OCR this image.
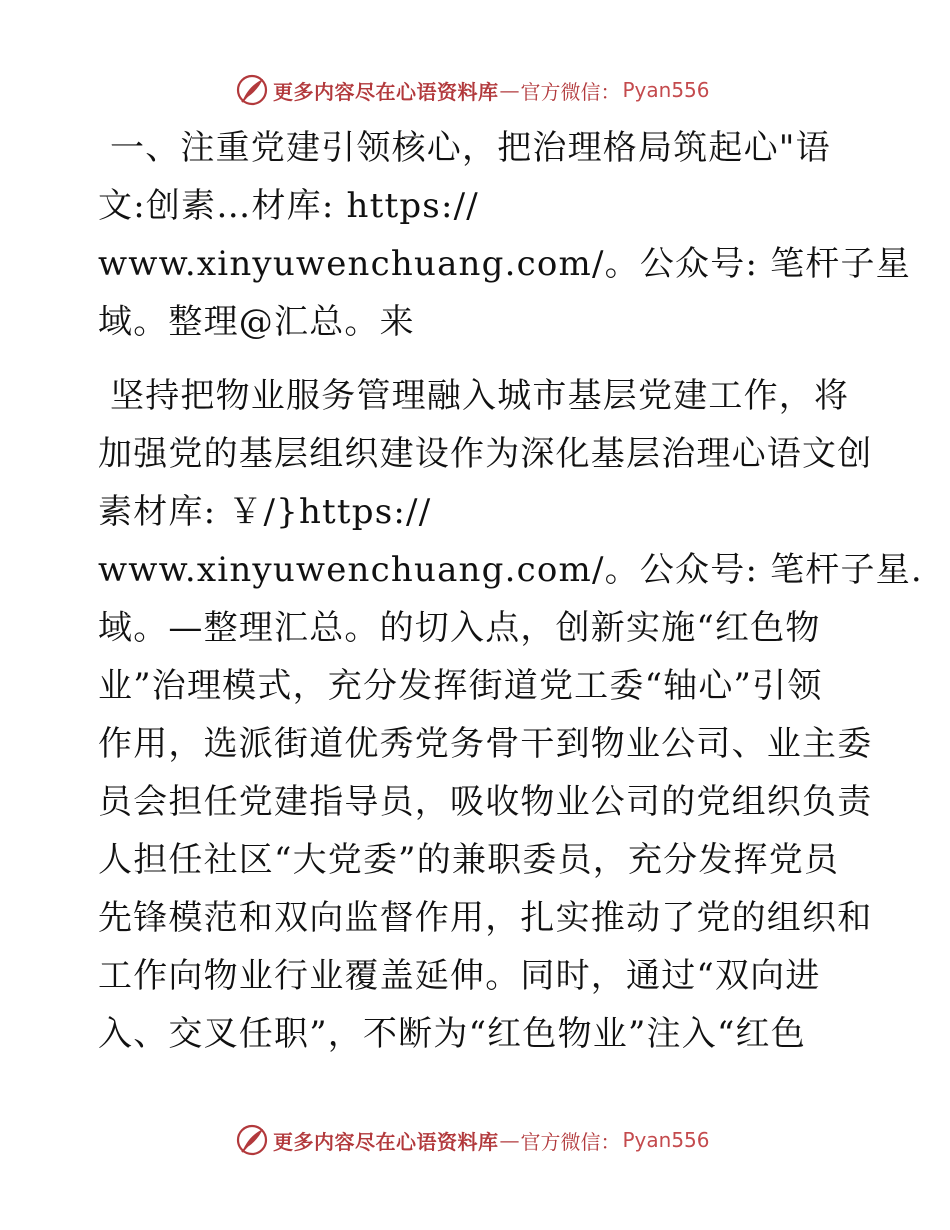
更多内容尽在心语资料库 — 官方微信： Pyan556
一、注重党建引领核心，把治理格局筑起心"语
文:创素…材库: https://
www.xinyuwenchuang.com/。公众号: 笔杆子星
域。整理@汇总。来
坚持把物业服务管理融入城市基层党建工作，将
加强党的基层组织建设作为深化基层治理心语文创
素材库: ￥/}https://
www.xinyuwenchuang.com/。公众号: 笔杆子星.
域。—整理汇总。的切入点，创新实施“红色物
业”治理模式，充分发挥街道党工委“轴心”引领
作用，选派街道优秀党务骨干到物业公司、业主委
员会担任党建指导员，吸收物业公司的党组织负责
人担任社区“大党委”的兼职委员，充分发挥党员
先锋模范和双向监督作用，扎实推动了党的组织和
工作向物业行业覆盖延伸。同时，通过“双向进
入、交叉任职”，不断为“红色物业”注入“红色
更多内容尽在心语资料库 — 官方微信： Pyan556
